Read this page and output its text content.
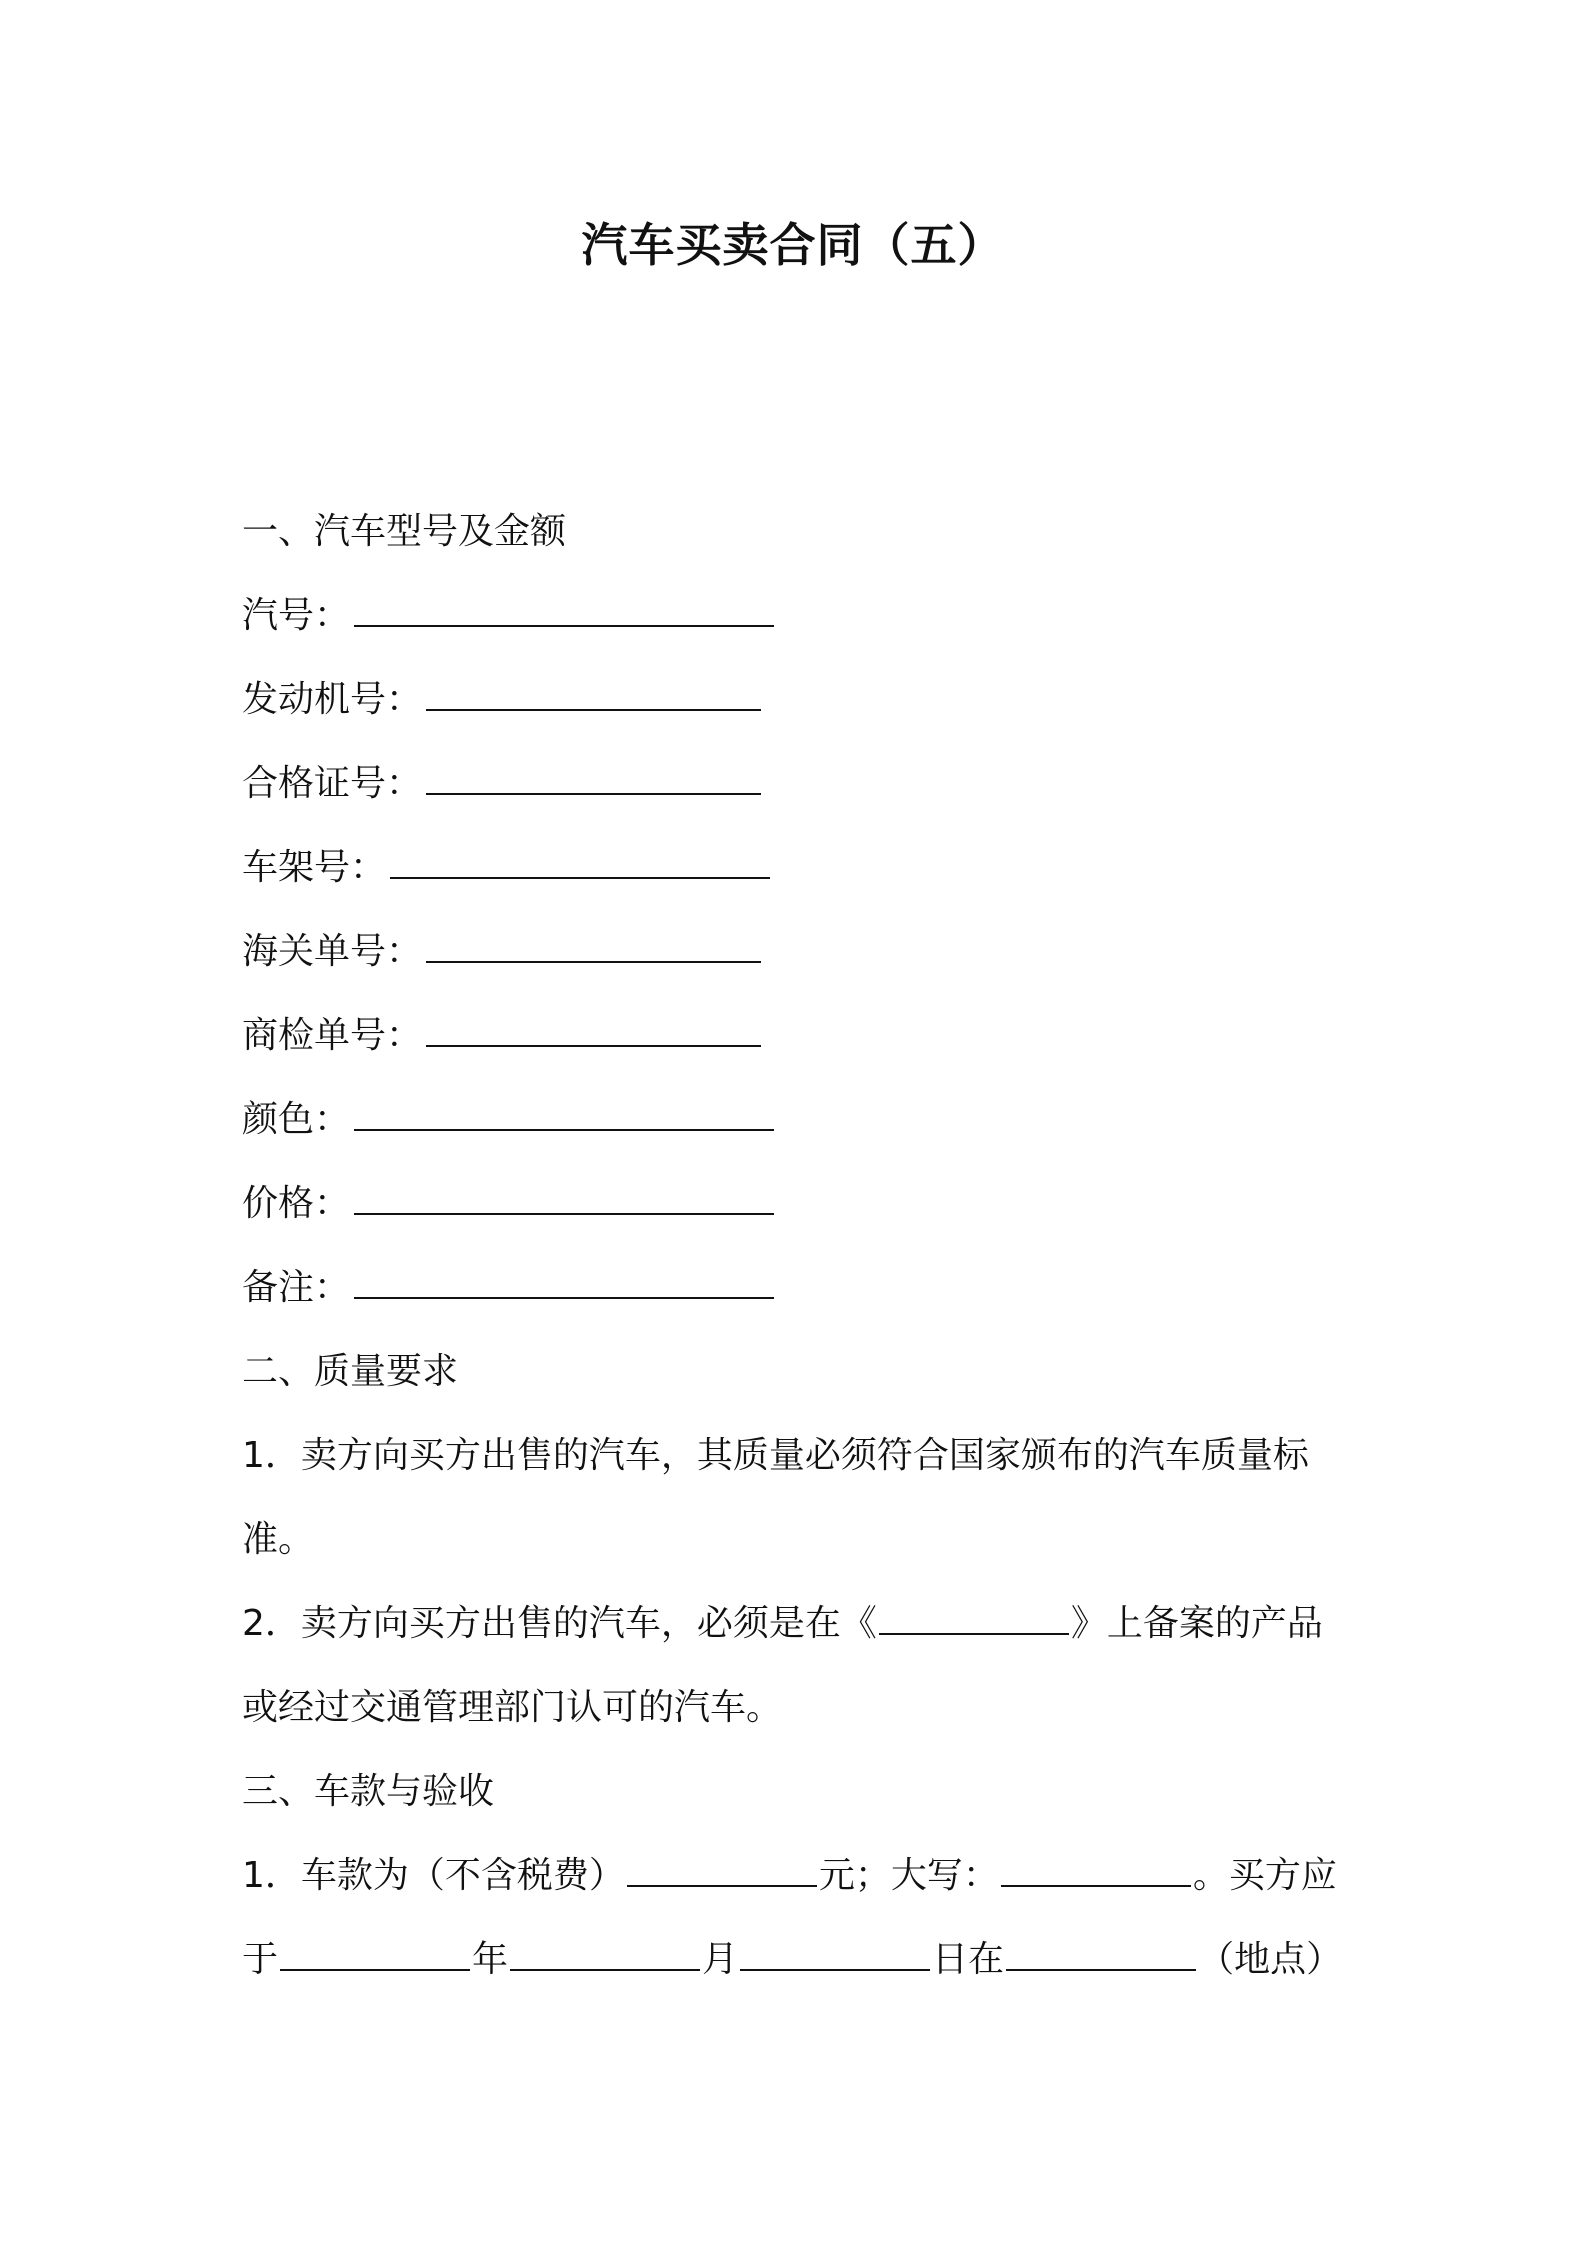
汽车买卖合同（五）
一、汽车型号及金额
汽号：
发动机号：
合格证号：
车架号：
海关单号：
商检单号：
颜色：
价格：
备注：
二、质量要求
1．卖方向买方出售的汽车，其质量必须符合国家颁布的汽车质量标
准。
2．卖方向买方出售的汽车，必须是在《	》上备案的产品
或经过交通管理部门认可的汽车。
三、车款与验收
1．车款为（不含税费）	元；大写：	。买方应
于	年	月	日在	（地点）
